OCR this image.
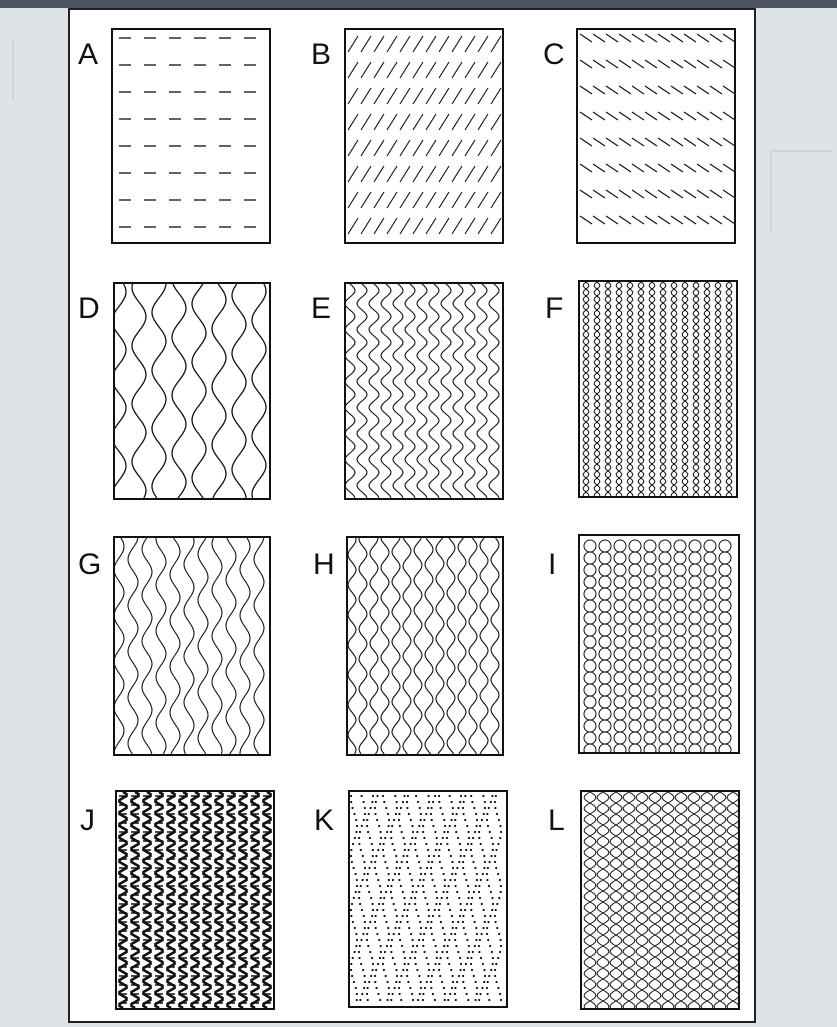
A	B	C
D	E	F
G	H	I
J	K	L
